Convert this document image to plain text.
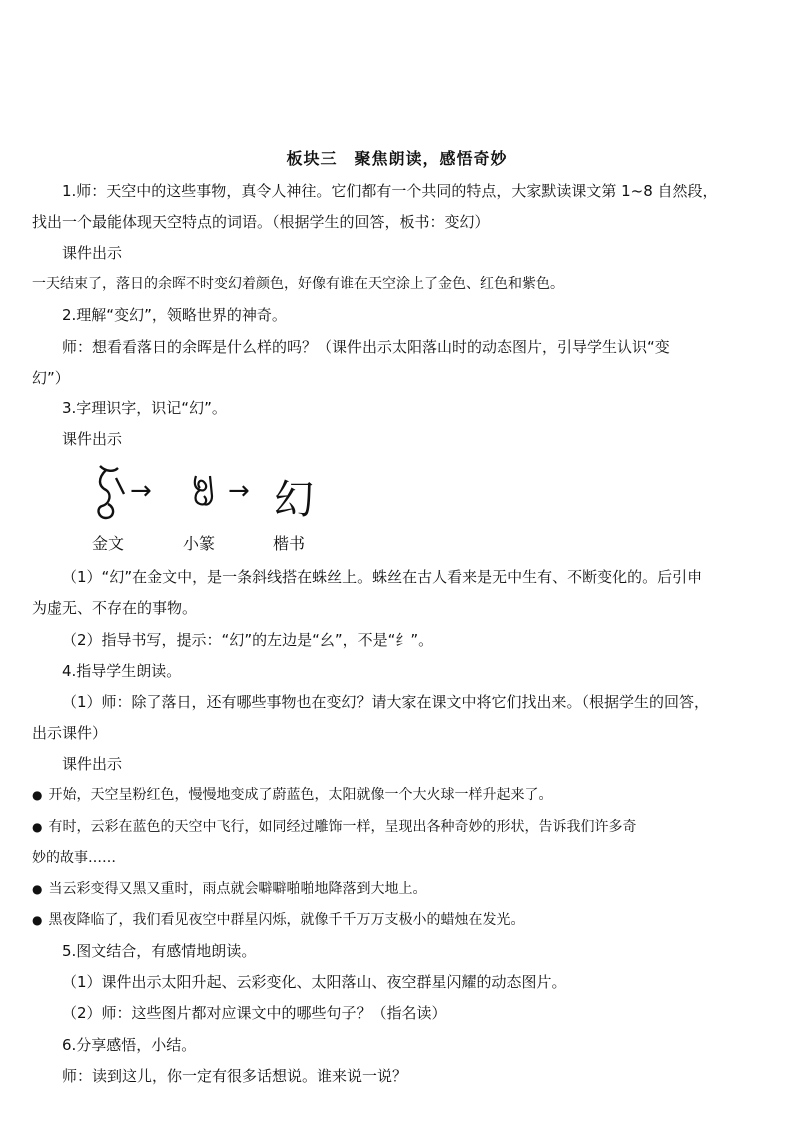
板块三　聚焦朗读，感悟奇妙
1.师：天空中的这些事物，真令人神往。它们都有一个共同的特点，大家默读课文第 1~8 自然段，
找出一个最能体现天空特点的词语。（根据学生的回答，板书：变幻）
课件出示
一天结束了，落日的余晖不时变幻着颜色，好像有谁在天空涂上了金色、红色和紫色。
2.理解“变幻”，领略世界的神奇。
师：想看看落日的余晖是什么样的吗？（课件出示太阳落山时的动态图片，引导学生认识“变
幻”）
3.字理识字，识记“幻”。
课件出示
→	→ 幻
金文	小篆	楷书
（1）“幻”在金文中，是一条斜线搭在蛛丝上。蛛丝在古人看来是无中生有、不断变化的。后引申
为虚无、不存在的事物。
（2）指导书写，提示：“幻”的左边是“幺”，不是“纟”。
4.指导学生朗读。
（1）师：除了落日，还有哪些事物也在变幻？请大家在课文中将它们找出来。（根据学生的回答，
出示课件）
课件出示
● 开始，天空呈粉红色，慢慢地变成了蔚蓝色，太阳就像一个大火球一样升起来了。
● 有时，云彩在蓝色的天空中飞行，如同经过雕饰一样，呈现出各种奇妙的形状，告诉我们许多奇
妙的故事……
● 当云彩变得又黑又重时，雨点就会噼噼啪啪地降落到大地上。
● 黑夜降临了，我们看见夜空中群星闪烁，就像千千万万支极小的蜡烛在发光。
5.图文结合，有感情地朗读。
（1）课件出示太阳升起、云彩变化、太阳落山、夜空群星闪耀的动态图片。
（2）师：这些图片都对应课文中的哪些句子？（指名读）
6.分享感悟，小结。
师：读到这儿，你一定有很多话想说。谁来说一说？
